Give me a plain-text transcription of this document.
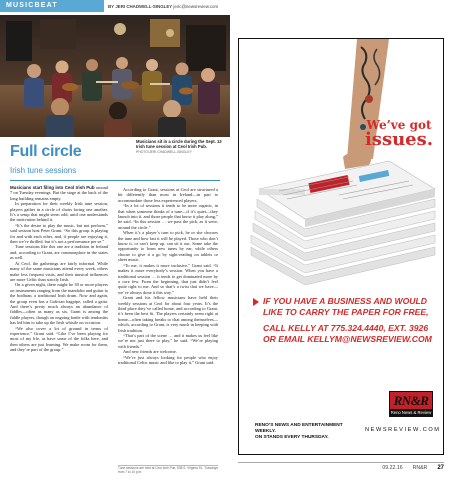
MUSICBEAT	BY JERI CHADWELL-SINGLEY jeric@newsreview.com
Musicians sit in a circle during the Sept. 13 Irish tune session at Ceol Irish Pub.
PHOTO/JERI CHADWELL-SINGLEY
Full circle
Irish tune sessions

Musicians start filing into Ceol Irish Pub around 7 on Tuesday evenings. But the stage at the back of the long building remains empty.

In preparation for their weekly Irish tune session, players gather in a circle of chairs facing one another. It’s a setup that might seem odd, until one understands the motivation behind it.

“It’s the desire to play the music, but not perform,” said session host Peter Grant. “So this group is playing for and with each other, and, if people are enjoying it, then we’re thrilled, but it’s not a performance per se.”

Tune sessions like this one are a tradition in Ireland and, according to Grant, are commonplace in the states as well.

At Ceol, the gatherings are fairly informal. While many of the same musicians attend every week, others make less frequent visits, and their musical influences are more Celtic than strictly Irish.

On a given night, there might be 30 or more players on instruments ranging from the mandolin and guitar to the bodhran, a traditional Irish drum. Now and again, the group even has a Galician bagpipe, called a gaita. And there’s pretty much always an abundance of fiddles—often as many as six. Grant is among the fiddle players, though an ongoing battle with tendonitis has led him to take up the Irish whistle on occasion.

“We also cover a lot of ground in terms of experience,” Grant said. “Like I’ve been playing for most of my life, as have some of the folks here, and then others are just learning. We make room for them, and they’re part of the group.”

According to Grant, sessions at Ceol are structured a bit differently than most in Ireland—in part to accommodate those less experienced players.

“In a lot of sessions it tends to be more organic, in that when someone thinks of a tune—if it’s quiet—they launch into it, and those people that know it play along,” he said. “In this session … we pass the pick, as it were, around the circle.”

When it’s a player’s turn to pick, he or she chooses the tune and how fast it will be played. Those who don’t know it, or can’t keep up, can sit it out. Some take the opportunity to learn new tunes by ear, while others choose to give it a go by sight-reading on tablets or sheet music.

“To me, it makes it more inclusive,” Grant said. “It makes it more everybody’s session. When you have a traditional session … it tends to get dominated more by a core few. From the beginning, that just didn’t feel quite right to me. And so that’s a twist that we have—we’ve always done it this way.”

Grant and his fellow musicians have held their weekly sessions at Ceol for about four years. It’s the third place they’ve called home, and according to Grant, it’s been the best fit. The players certainly seem right at home—often taking breaks to chat among themselves—which, according to Grant, is very much in keeping with Irish tradition.

“That’s part of the scene … and it makes us feel like we’re not just there to play,” he said. “We’re playing with friends.”

And new friends are welcome.

“We’re just always looking for people who enjoy traditional Celtic music and like to play it,” Grant said.

Tune sessions are held at Ceol Irish Pub, 538 S. Virginia St., Tuesdays from 7 to 10 p.m.
We’ve got
issues.
IF YOU HAVE A BUSINESS AND WOULD
LIKE TO CARRY THE PAPER FOR FREE,
CALL KELLY AT 775.324.4440, EXT. 3926
OR EMAIL KELLYM@NEWSREVIEW.COM
RN&R
Reno News & Review
RENO’S NEWS AND ENTERTAINMENT WEEKLY.
ON STANDS EVERY THURSDAY.
NEWSREVIEW.COM
09.22.16 RN&R 27
